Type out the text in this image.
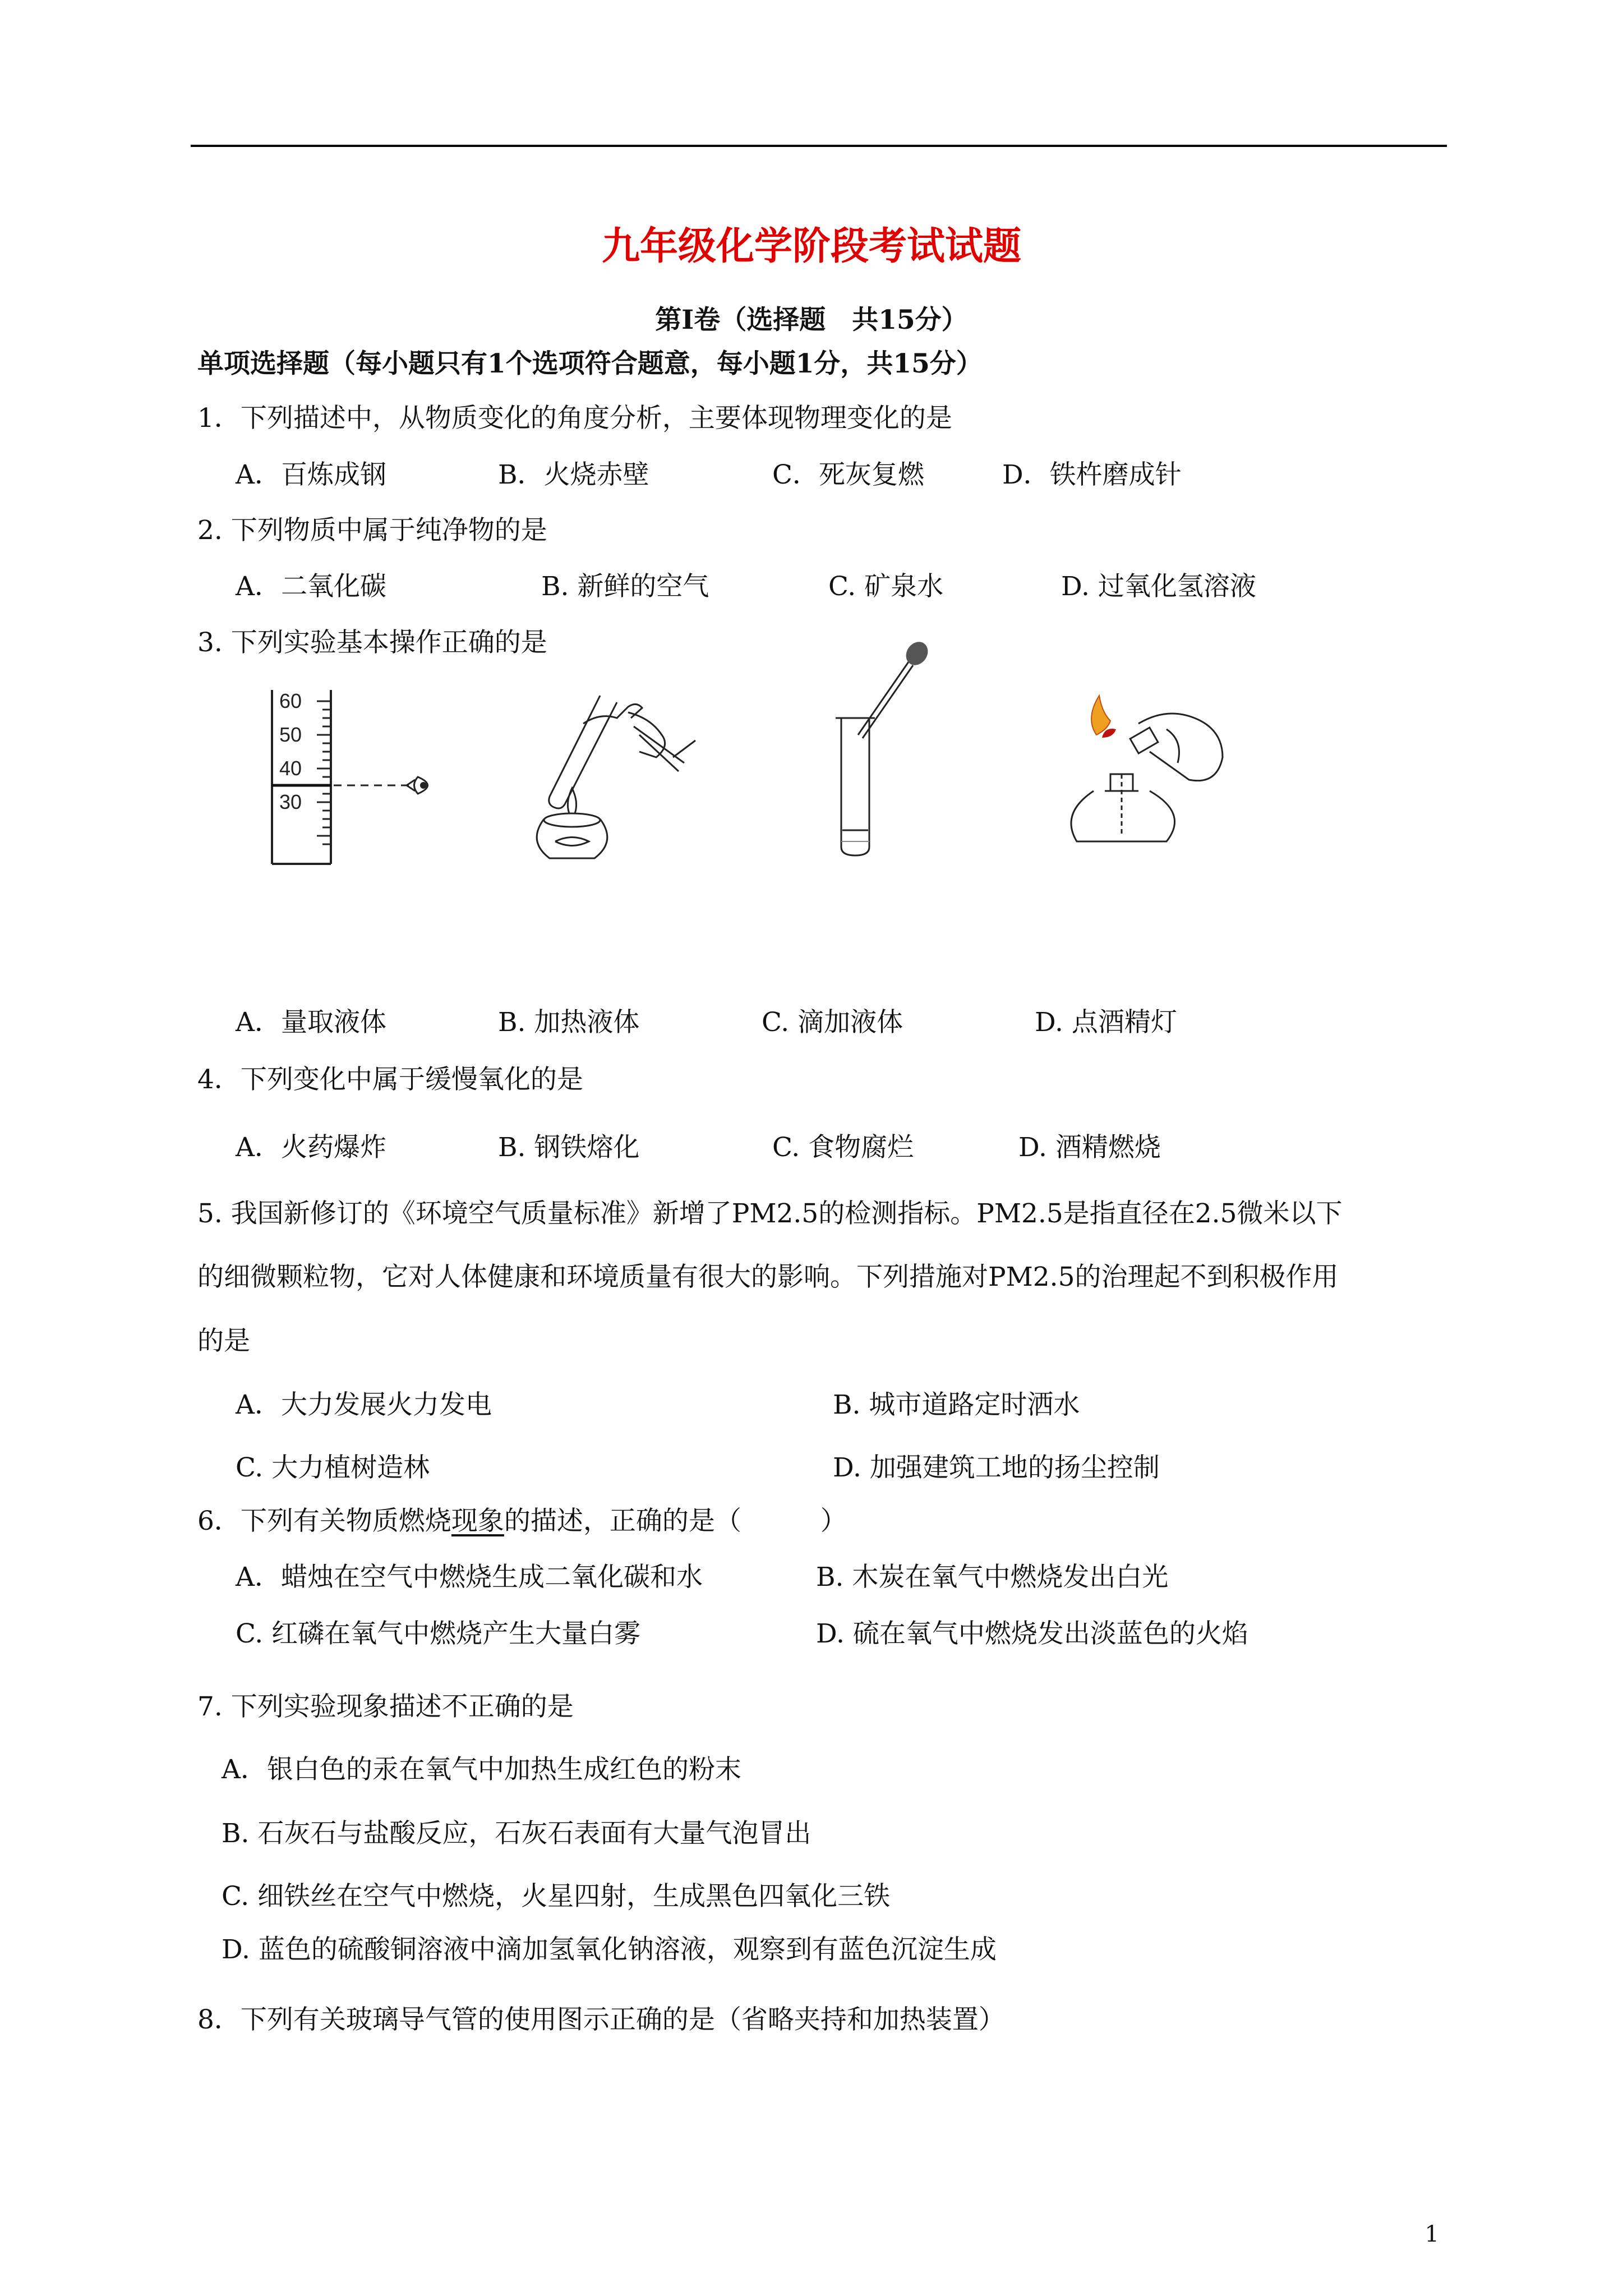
九年级化学阶段考试试题
第Ⅰ卷（选择题　共15分）
单项选择题（每小题只有1个选项符合题意，每小题1分，共15分）
1．下列描述中，从物质变化的角度分析，主要体现物理变化的是
A．百炼成钢	B．火烧赤壁	C．死灰复燃	D．铁杵磨成针
2. 下列物质中属于纯净物的是
A．二氧化碳	B. 新鲜的空气	C. 矿泉水	D. 过氧化氢溶液
3. 下列实验基本操作正确的是
60
50
40
30
A．量取液体	B. 加热液体	C. 滴加液体	D. 点酒精灯
4．下列变化中属于缓慢氧化的是
A．火药爆炸	B. 钢铁熔化	C. 食物腐烂	D. 酒精燃烧
5. 我国新修订的《环境空气质量标准》新增了PM2.5的检测指标。PM2.5是指直径在2.5微米以下
的细微颗粒物，它对人体健康和环境质量有很大的影响。下列措施对PM2.5的治理起不到积极作用
的是
A．大力发展火力发电	B. 城市道路定时洒水
C. 大力植树造林	D. 加强建筑工地的扬尘控制
6．下列有关物质燃烧现象的描述，正确的是（　　　）
A．蜡烛在空气中燃烧生成二氧化碳和水	B. 木炭在氧气中燃烧发出白光
C. 红磷在氧气中燃烧产生大量白雾	D. 硫在氧气中燃烧发出淡蓝色的火焰
7. 下列实验现象描述不正确的是
A．银白色的汞在氧气中加热生成红色的粉末
B. 石灰石与盐酸反应，石灰石表面有大量气泡冒出
C. 细铁丝在空气中燃烧，火星四射，生成黑色四氧化三铁
D. 蓝色的硫酸铜溶液中滴加氢氧化钠溶液，观察到有蓝色沉淀生成
8．下列有关玻璃导气管的使用图示正确的是（省略夹持和加热装置）
1
